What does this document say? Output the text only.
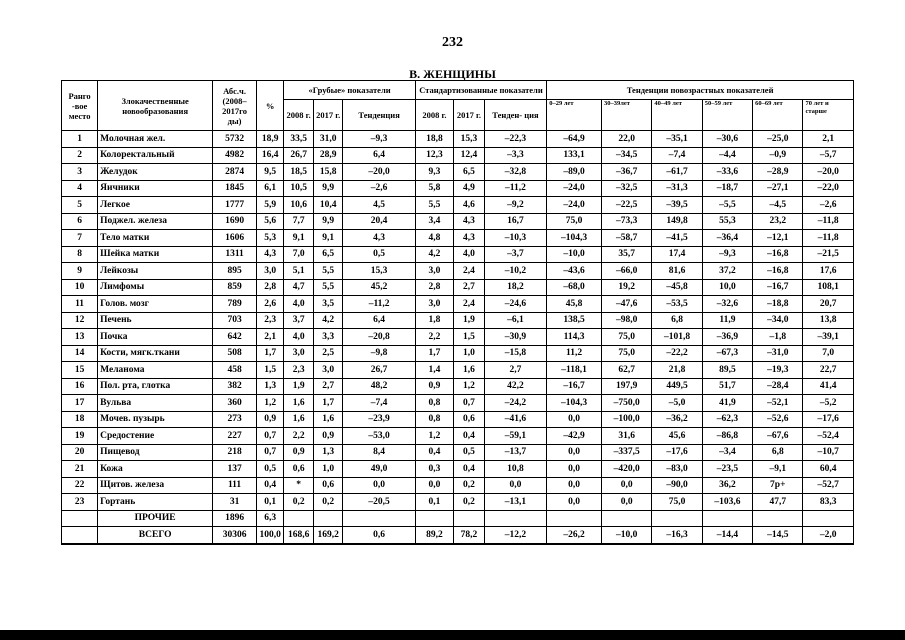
232
В. ЖЕНЩИНЫ
Ранго -вое место	Злокачественные новообразования	Абс.ч. (2008–2017го ды)	%	«Грубые» показатели			Стандартизованные показатели			Тенденции повозрастных показателей					
				2008 г.	2017 г.	Тенденция	2008 г.	2017 г.	Тенден- ция	0–29 лет	30–39лет	40–49 лет	50–59 лет	60–69 лет	70 лет и старше
1	Молочная жел.	5732	18,9	33,5	31,0	–9,3	18,8	15,3	–22,3	–64,9	22,0	–35,1	–30,6	–25,0	2,1
2	Колоректальный	4982	16,4	26,7	28,9	6,4	12,3	12,4	–3,3	133,1	–34,5	–7,4	–4,4	–0,9	–5,7
3	Желудок	2874	9,5	18,5	15,8	–20,0	9,3	6,5	–32,8	–89,0	–36,7	–61,7	–33,6	–28,9	–20,0
4	Яичники	1845	6,1	10,5	9,9	–2,6	5,8	4,9	–11,2	–24,0	–32,5	–31,3	–18,7	–27,1	–22,0
5	Легкое	1777	5,9	10,6	10,4	4,5	5,5	4,6	–9,2	–24,0	–22,5	–39,5	–5,5	–4,5	–2,6
6	Поджел. железа	1690	5,6	7,7	9,9	20,4	3,4	4,3	16,7	75,0	–73,3	149,8	55,3	23,2	–11,8
7	Тело матки	1606	5,3	9,1	9,1	4,3	4,8	4,3	–10,3	–104,3	–58,7	–41,5	–36,4	–12,1	–11,8
8	Шейка матки	1311	4,3	7,0	6,5	0,5	4,2	4,0	–3,7	–10,0	35,7	17,4	–9,3	–16,8	–21,5
9	Лейкозы	895	3,0	5,1	5,5	15,3	3,0	2,4	–10,2	–43,6	–66,0	81,6	37,2	–16,8	17,6
10	Лимфомы	859	2,8	4,7	5,5	45,2	2,8	2,7	18,2	–68,0	19,2	–45,8	10,0	–16,7	108,1
11	Голов. мозг	789	2,6	4,0	3,5	–11,2	3,0	2,4	–24,6	45,8	–47,6	–53,5	–32,6	–18,8	20,7
12	Печень	703	2,3	3,7	4,2	6,4	1,8	1,9	–6,1	138,5	–98,0	6,8	11,9	–34,0	13,8
13	Почка	642	2,1	4,0	3,3	–20,8	2,2	1,5	–30,9	114,3	75,0	–101,8	–36,9	–1,8	–39,1
14	Кости, мягк.ткани	508	1,7	3,0	2,5	–9,8	1,7	1,0	–15,8	11,2	75,0	–22,2	–67,3	–31,0	7,0
15	Меланома	458	1,5	2,3	3,0	26,7	1,4	1,6	2,7	–118,1	62,7	21,8	89,5	–19,3	22,7
16	Пол. рта, глотка	382	1,3	1,9	2,7	48,2	0,9	1,2	42,2	–16,7	197,9	449,5	51,7	–28,4	41,4
17	Вульва	360	1,2	1,6	1,7	–7,4	0,8	0,7	–24,2	–104,3	–750,0	–5,0	41,9	–52,1	–5,2
18	Мочев. пузырь	273	0,9	1,6	1,6	–23,9	0,8	0,6	–41,6	0,0	–100,0	–36,2	–62,3	–52,6	–17,6
19	Средостение	227	0,7	2,2	0,9	–53,0	1,2	0,4	–59,1	–42,9	31,6	45,6	–86,8	–67,6	–52,4
20	Пищевод	218	0,7	0,9	1,3	8,4	0,4	0,5	–13,7	0,0	–337,5	–17,6	–3,4	6,8	–10,7
21	Кожа	137	0,5	0,6	1,0	49,0	0,3	0,4	10,8	0,0	–420,0	–83,0	–23,5	–9,1	60,4
22	Щитов. железа	111	0,4	*	0,6	0,0	0,0	0,2	0,0	0,0	0,0	–90,0	36,2	7р+	–52,7
23	Гортань	31	0,1	0,2	0,2	–20,5	0,1	0,2	–13,1	0,0	0,0	75,0	–103,6	47,7	83,3
	ПРОЧИЕ	1896	6,3												
	ВСЕГО	30306	100,0	168,6	169,2	0,6	89,2	78,2	–12,2	–26,2	–10,0	–16,3	–14,4	–14,5	–2,0
